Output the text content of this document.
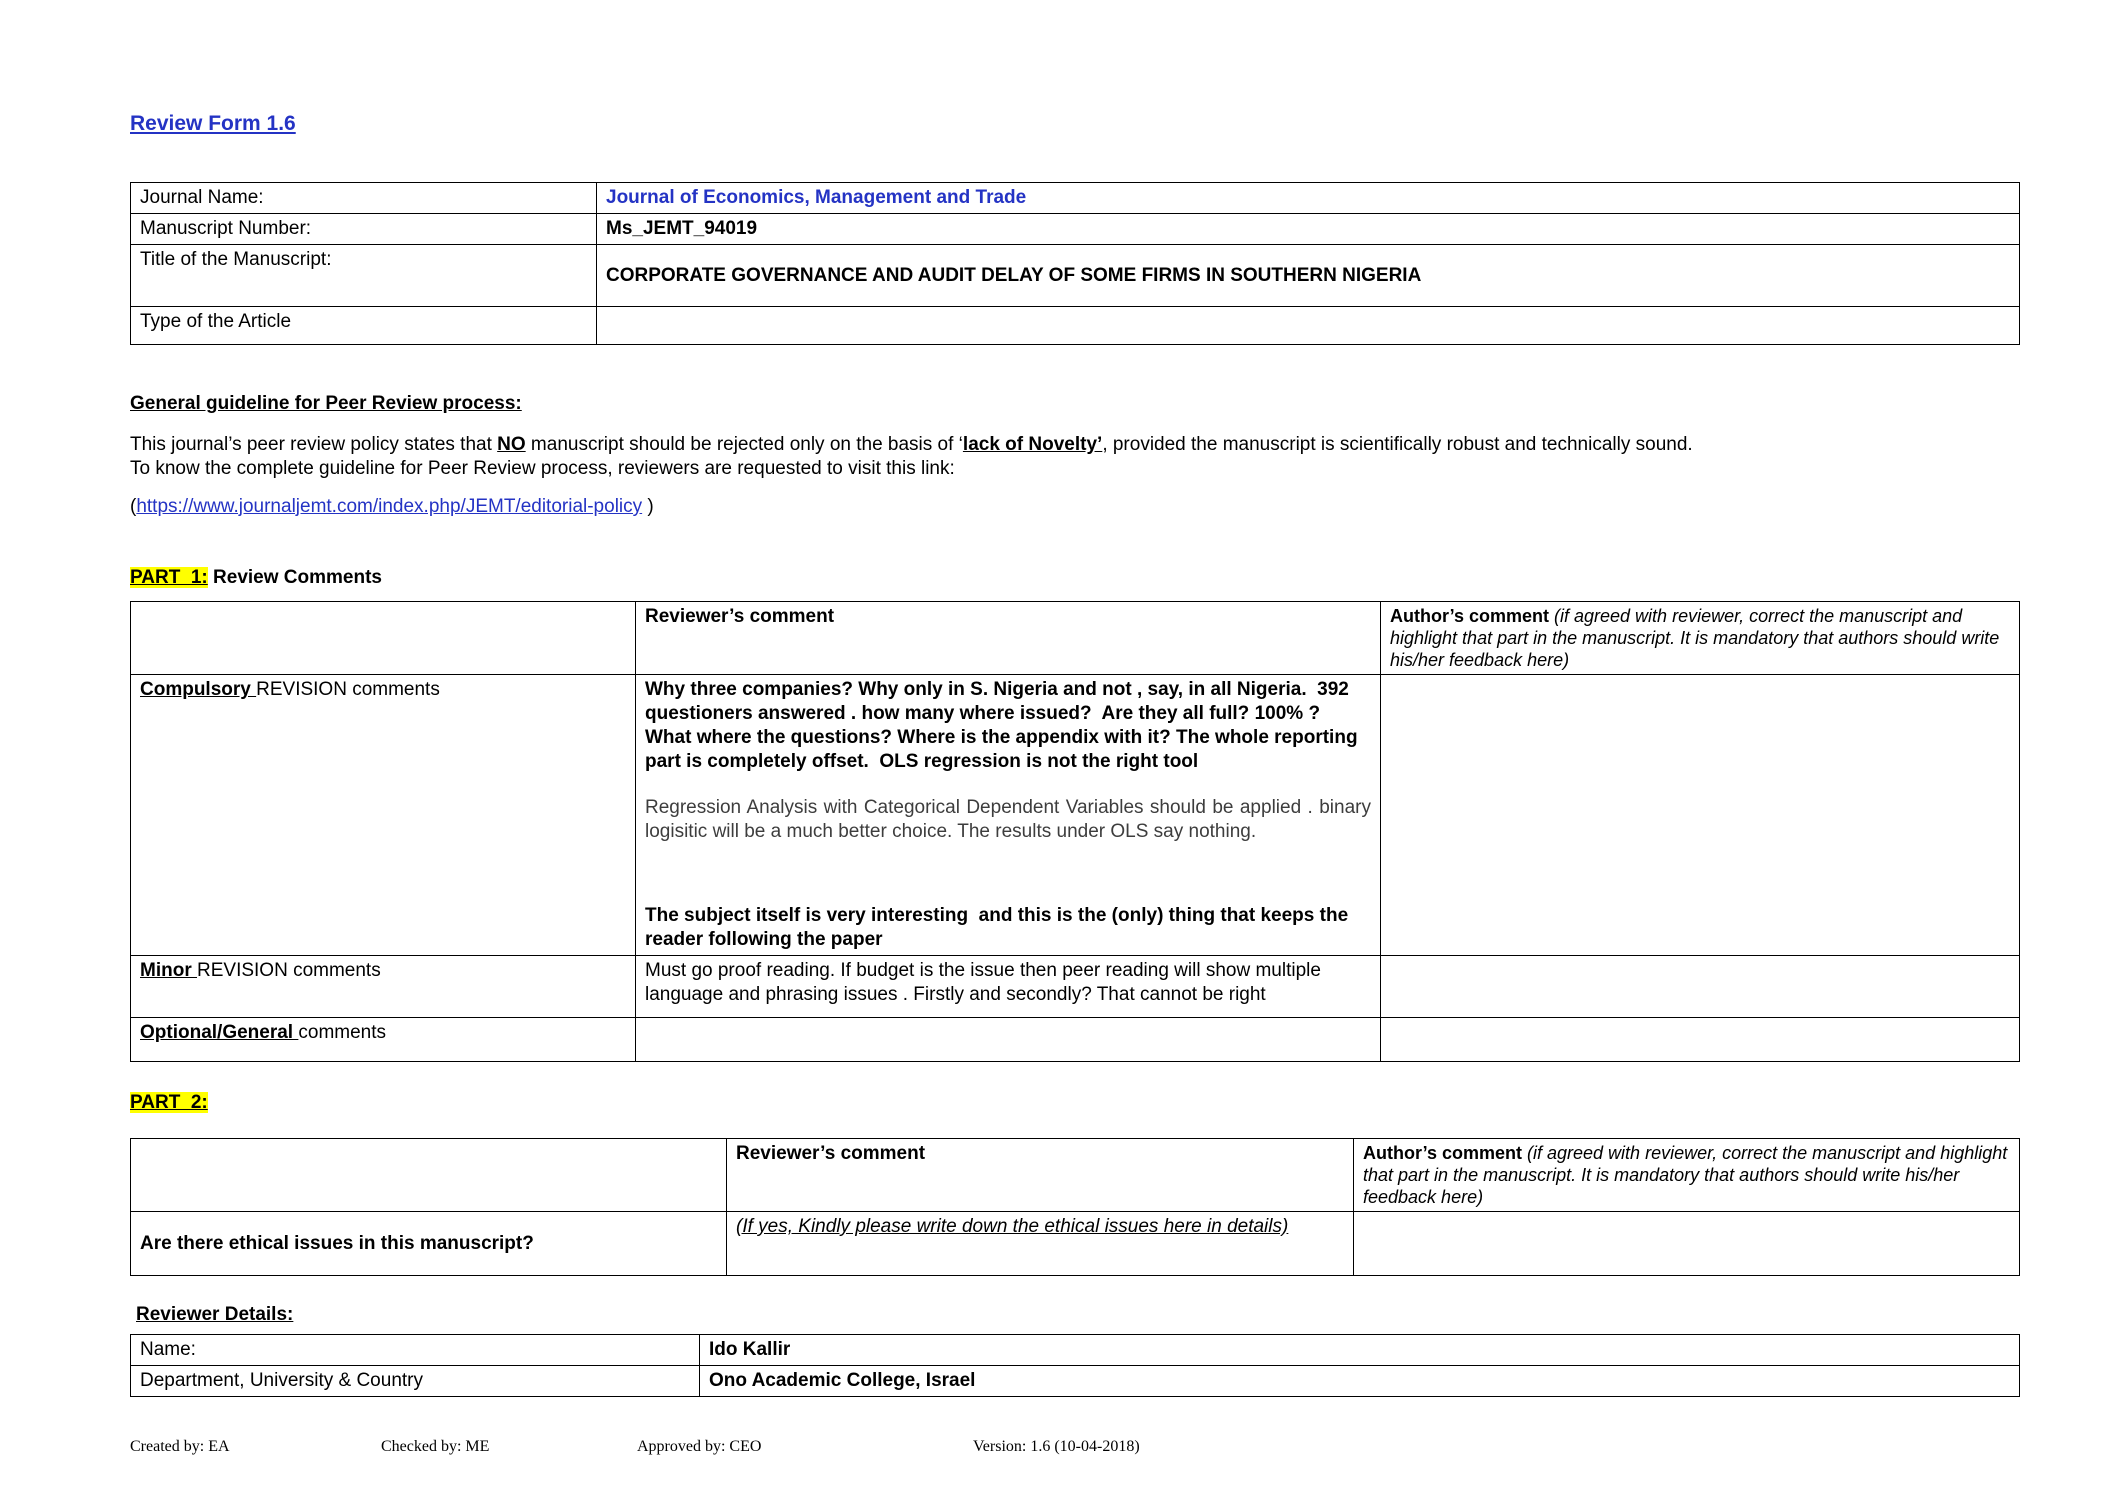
Review Form 1.6
Journal Name:	Journal of Economics, Management and Trade
Manuscript Number:	Ms_JEMT_94019
Title of the Manuscript:	CORPORATE GOVERNANCE AND AUDIT DELAY OF SOME FIRMS IN SOUTHERN NIGERIA
Type of the Article	
General guideline for Peer Review process:
This journal’s peer review policy states that NO manuscript should be rejected only on the basis of ‘lack of Novelty’, provided the manuscript is scientifically robust and technically sound.
To know the complete guideline for Peer Review process, reviewers are requested to visit this link:
(https://www.journaljemt.com/index.php/JEMT/editorial-policy )
PART  1: Review Comments
	Reviewer’s comment	Author’s comment (if agreed with reviewer, correct the manuscript and highlight that part in the manuscript. It is mandatory that authors should write his/her feedback here)
Compulsory REVISION comments	Why three companies? Why only in S. Nigeria and not , say, in all Nigeria.  392 questioners answered . how many where issued?  Are they all full? 100% ? What where the questions? Where is the appendix with it? The whole reporting part is completely offset.  OLS regression is not the right tool

Regression Analysis with Categorical Dependent Variables should be applied . binary logisitic will be a much better choice. The results under OLS say nothing.

The subject itself is very interesting  and this is the (only) thing that keeps the reader following the paper	

Minor REVISION comments	Must go proof reading. If budget is the issue then peer reading will show multiple language and phrasing issues . Firstly and secondly? That cannot be right	
Optional/General comments		
PART  2:
	Reviewer’s comment	Author’s comment (if agreed with reviewer, correct the manuscript and highlight that part in the manuscript. It is mandatory that authors should write his/her feedback here)
Are there ethical issues in this manuscript?	(If yes, Kindly please write down the ethical issues here in details)	
Reviewer Details:
Name:	Ido Kallir
Department, University & Country	Ono Academic College, Israel
Created by: EA	Checked by: ME	Approved by: CEO	Version: 1.6 (10-04-2018)
